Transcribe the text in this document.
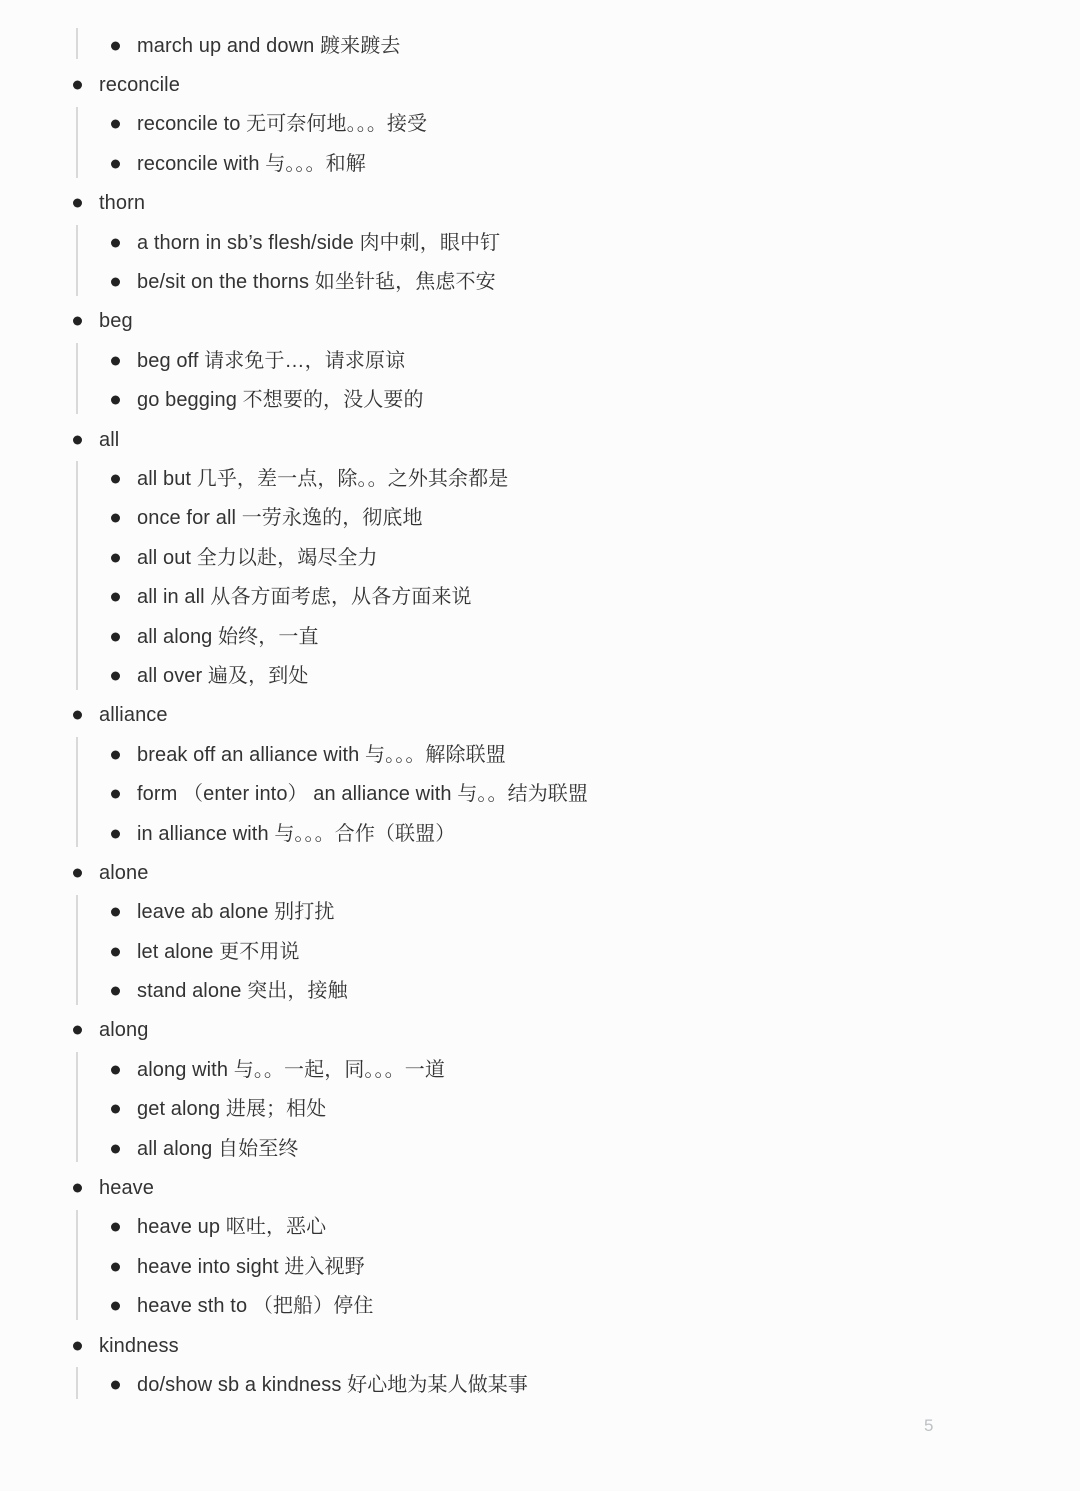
march up and down 踱来踱去
reconcile
reconcile to 无可奈何地。。。接受
reconcile with 与。。。和解
thorn
a thorn in sb’s flesh/side 肉中刺，眼中钉
be/sit on the thorns 如坐针毡，焦虑不安
beg
beg off 请求免于…，请求原谅
go begging 不想要的，没人要的
all
all but 几乎，差一点，除。。之外其余都是
once for all 一劳永逸的，彻底地
all out 全力以赴，竭尽全力
all in all 从各方面考虑，从各方面来说
all along 始终，一直
all over 遍及，到处
alliance
break off an alliance with 与。。。解除联盟
form （enter into） an alliance with 与。。结为联盟
in alliance with 与。。。合作（联盟）
alone
leave ab alone 别打扰
let alone 更不用说
stand alone 突出，接触
along
along with 与。。一起，同。。。一道
get along 进展；相处
all along 自始至终
heave
heave up 呕吐，恶心
heave into sight 进入视野
heave sth to （把船）停住
kindness
do/show sb a kindness 好心地为某人做某事
5
